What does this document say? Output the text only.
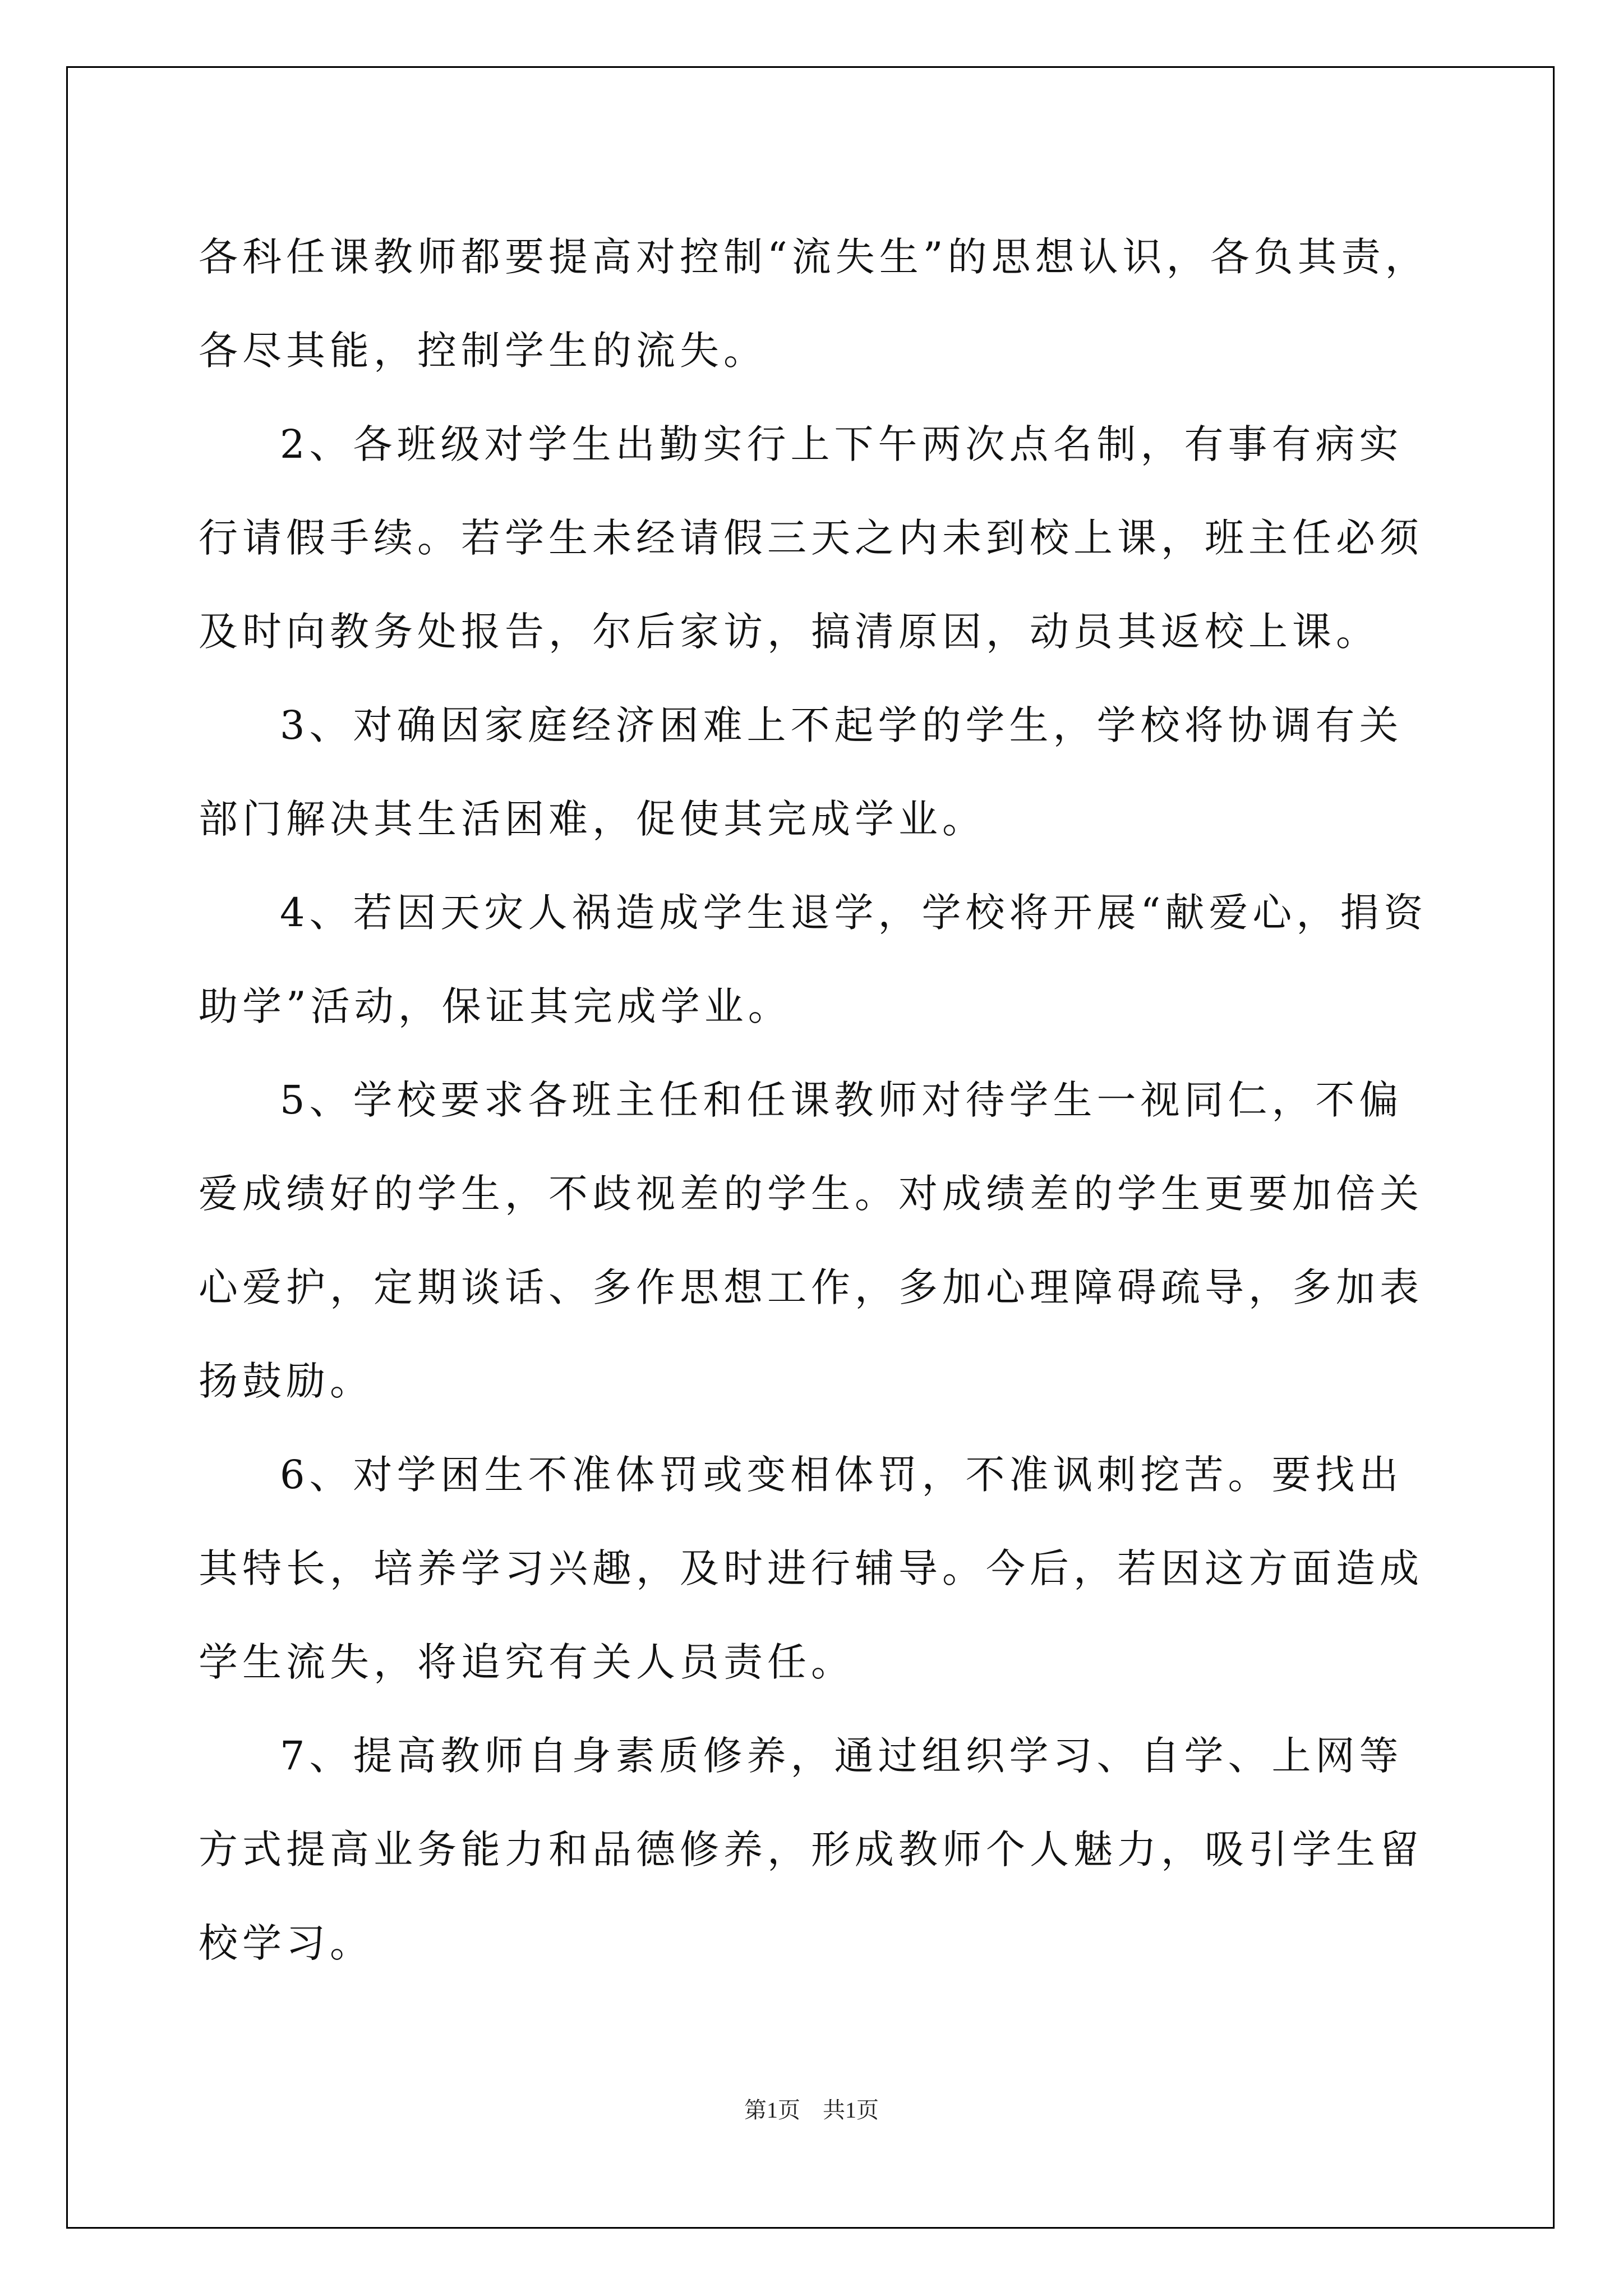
各科任课教师都要提高对控制“流失生”的思想认识，各负其责，各尽其能，控制学生的流失。

2、各班级对学生出勤实行上下午两次点名制，有事有病实行请假手续。若学生未经请假三天之内未到校上课，班主任必须及时向教务处报告，尔后家访，搞清原因，动员其返校上课。

3、对确因家庭经济困难上不起学的学生，学校将协调有关部门解决其生活困难，促使其完成学业。

4、若因天灾人祸造成学生退学，学校将开展“献爱心，捐资助学”活动，保证其完成学业。

5、学校要求各班主任和任课教师对待学生一视同仁，不偏爱成绩好的学生，不歧视差的学生。对成绩差的学生更要加倍关心爱护，定期谈话、多作思想工作，多加心理障碍疏导，多加表扬鼓励。

6、对学困生不准体罚或变相体罚，不准讽刺挖苦。要找出其特长，培养学习兴趣，及时进行辅导。今后，若因这方面造成学生流失，将追究有关人员责任。

7、提高教师自身素质修养，通过组织学习、自学、上网等方式提高业务能力和品德修养，形成教师个人魅力，吸引学生留校学习。

第1页　共1页
